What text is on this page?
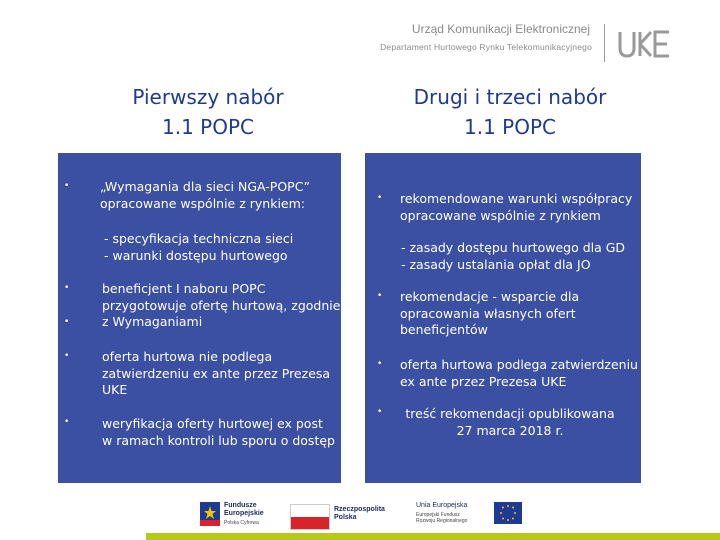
Urząd Komunikacji Elektronicznej
Departament Hurtowego Rynku Telekomunikacyjnego
Pierwszy nabór
1.1 POPC
Drugi i trzeci nabór
1.1 POPC
• „Wymagania dla sieci NGA-POPC”
opracowane wspólnie z rynkiem:
- specyfikacja techniczna sieci
- warunki dostępu hurtowego
•
•
beneficjent I naboru POPC
przygotowuje ofertę hurtową, zgodnie
z Wymaganiami
•	oferta hurtowa nie podlega
zatwierdzeniu ex ante przez Prezesa
UKE
•	weryfikacja oferty hurtowej ex post
w ramach kontroli lub sporu o dostęp
• rekomendowane warunki współpracy
opracowane wspólnie z rynkiem
- zasady dostępu hurtowego dla GD
- zasady ustalania opłat dla JO
• rekomendacje - wsparcie dla
opracowania własnych ofert
beneficjentów
• oferta hurtowa podlega zatwierdzeniu
ex ante przez Prezesa UKE
•	treść rekomendacji opublikowana
27 marca 2018 r.
Fundusze
Europejskie
Polska Cyfrowa
Rzeczpospolita
Polska
Unia Europejska
Europejski Fundusz
Rozwoju Regionalnego
